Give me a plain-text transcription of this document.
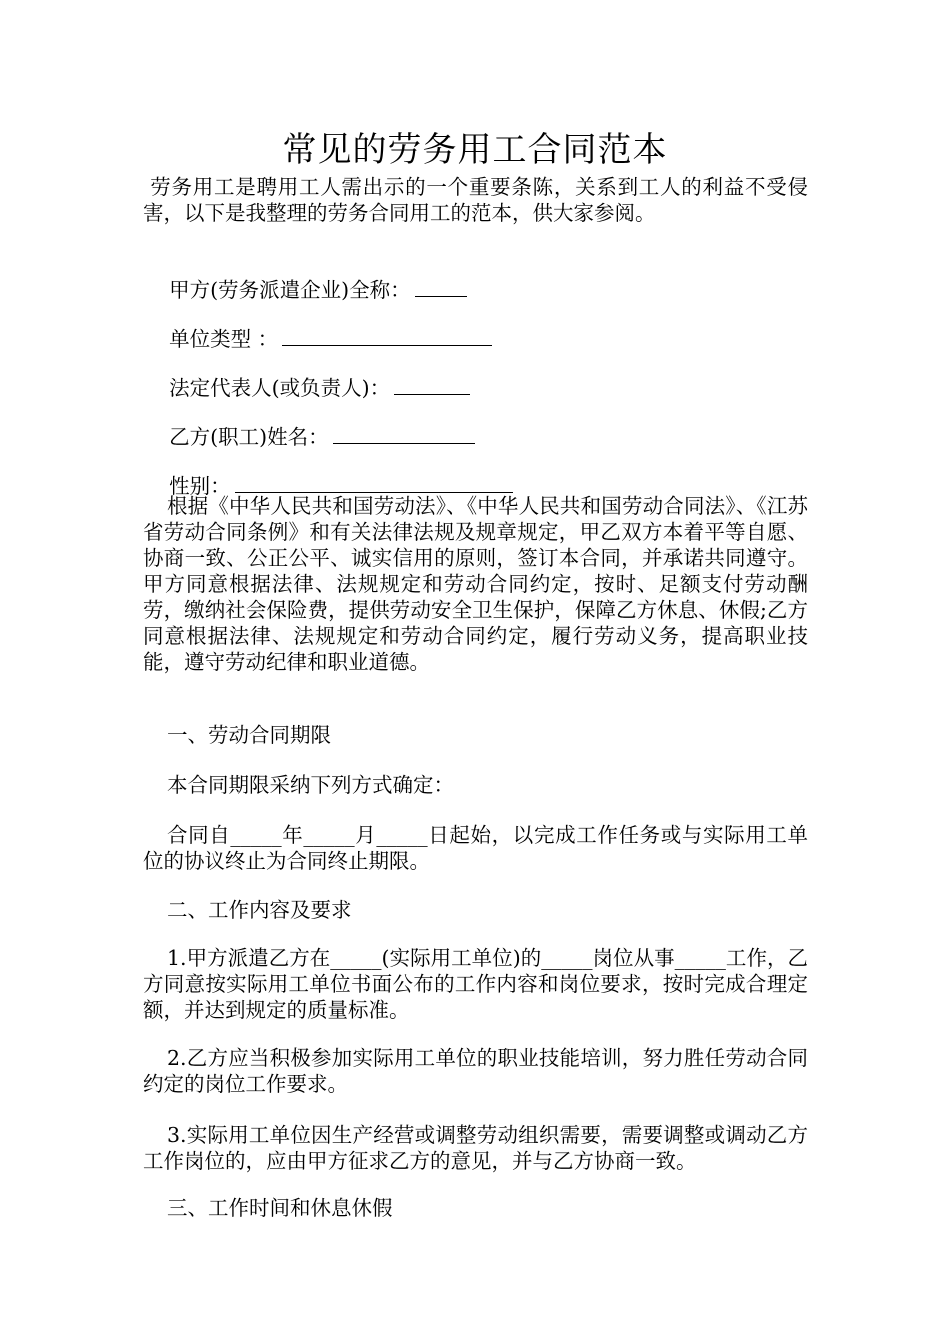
常见的劳务用工合同范本
劳务用工是聘用工人需出示的一个重要条陈，关系到工人的利益不受侵害，以下是我整理的劳务合同用工的范本，供大家参阅。

甲方(劳务派遣企业)全称：

单位类型 ：

法定代表人(或负责人)：

乙方(职工)姓名：

性别：

根据《中华人民共和国劳动法》、《中华人民共和国劳动合同法》、《江苏省劳动合同条例》和有关法律法规及规章规定，甲乙双方本着平等自愿、协商一致、公正公平、诚实信用的原则，签订本合同，并承诺共同遵守。甲方同意根据法律、法规规定和劳动合同约定，按时、足额支付劳动酬劳，缴纳社会保险费，提供劳动安全卫生保护，保障乙方休息、休假;乙方同意根据法律、法规规定和劳动合同约定，履行劳动义务，提高职业技能，遵守劳动纪律和职业道德。
一、劳动合同期限
本合同期限采纳下列方式确定：
合同自_____年_____月_____日起始，以完成工作任务或与实际用工单位的协议终止为合同终止期限。
二、工作内容及要求
1.甲方派遣乙方在_____(实际用工单位)的_____岗位从事_____工作，乙方同意按实际用工单位书面公布的工作内容和岗位要求，按时完成合理定额，并达到规定的质量标准。
2.乙方应当积极参加实际用工单位的职业技能培训，努力胜任劳动合同约定的岗位工作要求。
3.实际用工单位因生产经营或调整劳动组织需要，需要调整或调动乙方工作岗位的，应由甲方征求乙方的意见，并与乙方协商一致。
三、工作时间和休息休假
